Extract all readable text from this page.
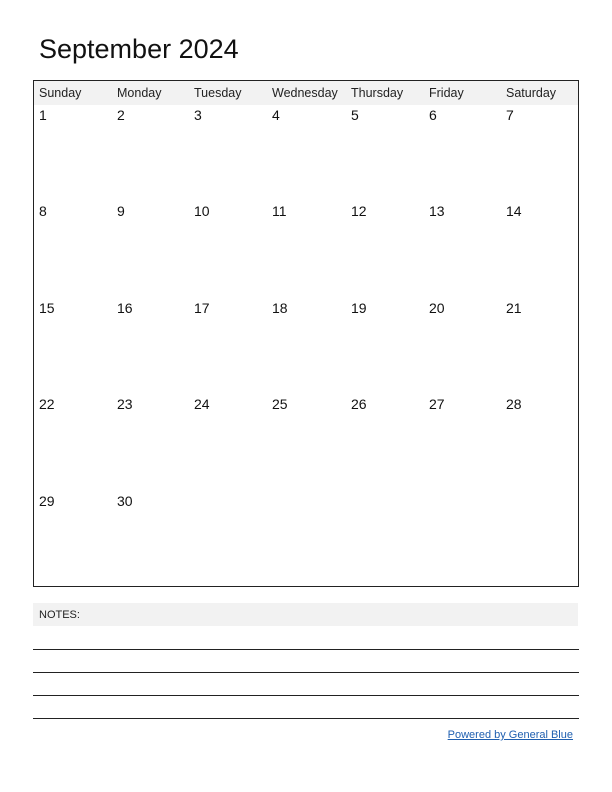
September 2024
Sunday	Monday	Tuesday Wednesday Thursday Friday	Saturday
1	2	3	4	5	6	7
8	9	10	11	12	13	14
15	16	17	18	19	20	21
22	23	24	25	26	27	28
29	30
NOTES:
Powered by General Blue
